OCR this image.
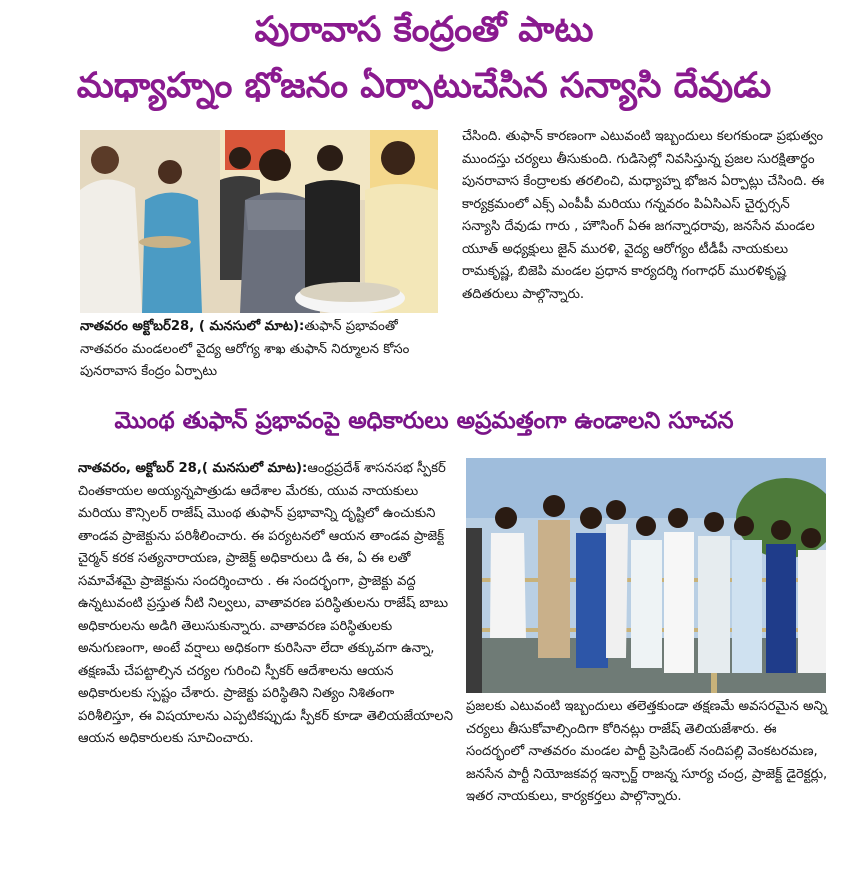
పురావాస కేంద్రంతో పాటు
మధ్యాహ్నం భోజనం ఏర్పాటుచేసిన సన్యాసి దేవుడు

నాతవరం అక్టోబర్28, ( మనసులో మాట):తుఫాన్ ప్రభావంతో నాతవరం మండలంలో వైద్య ఆరోగ్య శాఖ తుఫాన్ నిర్మూలన కోసం పునరావాస కేంద్రం ఏర్పాటు

చేసింది. తుఫాన్ కారణంగా ఎటువంటి ఇబ్బందులు కలగకుండా ప్రభుత్వం ముందస్తు చర్యలు తీసుకుంది. గుడిసెల్లో నివసిస్తున్న ప్రజల సురక్షితార్థం పునరావాస కేంద్రాలకు తరలించి, మధ్యాహ్న భోజన ఏర్పాట్లు చేసింది. ఈ కార్యక్రమంలో ఎక్స్ ఎంపీపీ మరియు గన్నవరం పిఏసిఎస్ చైర్పర్సన్ సన్యాసి దేవుడు గారు , హౌసింగ్ ఏఈ జగన్నాధరావు, జనసేన మండల యూత్ అధ్యక్షులు జైన్ మురళి, వైద్య ఆరోగ్యం టీడీపీ నాయకులు రామకృష్ణ, బిజెపి మండల ప్రధాన కార్యదర్శి గంగాధర్ మురళికృష్ణ తదితరులు పాల్గొన్నారు.

మొంథ తుఫాన్ ప్రభావంపై అధికారులు అప్రమత్తంగా ఉండాలని సూచన

నాతవరం, అక్టోబర్ 28,( మనసులో మాట):ఆంధ్రప్రదేశ్ శాసనసభ స్పీకర్ చింతకాయల అయ్యన్నపాత్రుడు ఆదేశాల మేరకు, యువ నాయకులు మరియు కౌన్సిలర్ రాజేష్ మొంథ తుఫాన్ ప్రభావాన్ని దృష్టిలో ఉంచుకుని తాండవ ప్రాజెక్టును పరిశీలించారు. ఈ పర్యటనలో ఆయన తాండవ ప్రాజెక్ట్ చైర్మన్ కరక సత్యనారాయణ, ప్రాజెక్ట్ అధికారులు డి ఈ, ఏ ఈ లతో సమావేశమై ప్రాజెక్టును సందర్శించారు . ఈ సందర్భంగా, ప్రాజెక్టు వద్ద ఉన్నటువంటి ప్రస్తుత నీటి నిల్వలు, వాతావరణ పరిస్థితులను రాజేష్ బాబు అధికారులను అడిగి తెలుసుకున్నారు. వాతావరణ పరిస్థితులకు అనుగుణంగా, అంటే వర్షాలు అధికంగా కురిసినా లేదా తక్కువగా ఉన్నా, తక్షణమే చేపట్టాల్సిన చర్యల గురించి స్పీకర్ ఆదేశాలను ఆయన అధికారులకు స్పష్టం చేశారు. ప్రాజెక్టు పరిస్థితిని నిత్యం నిశితంగా పరిశీలిస్తూ, ఈ విషయాలను ఎప్పటికప్పుడు స్పీకర్ కూడా తెలియజేయాలని ఆయన అధికారులకు సూచించారు.

ప్రజలకు ఎటువంటి ఇబ్బందులు తలెత్తకుండా తక్షణమే అవసరమైన అన్ని చర్యలు తీసుకోవాల్సిందిగా కోరినట్లు రాజేష్ తెలియజేశారు. ఈ సందర్భంలో నాతవరం మండల పార్టీ ప్రెసిడెంట్ నందిపల్లి వెంకటరమణ, జనసేన పార్టీ నియోజకవర్గ ఇన్చార్జ్ రాజన్న సూర్య చంద్ర, ప్రాజెక్ట్ డైరెక్టర్లు, ఇతర నాయకులు, కార్యకర్తలు పాల్గొన్నారు.
